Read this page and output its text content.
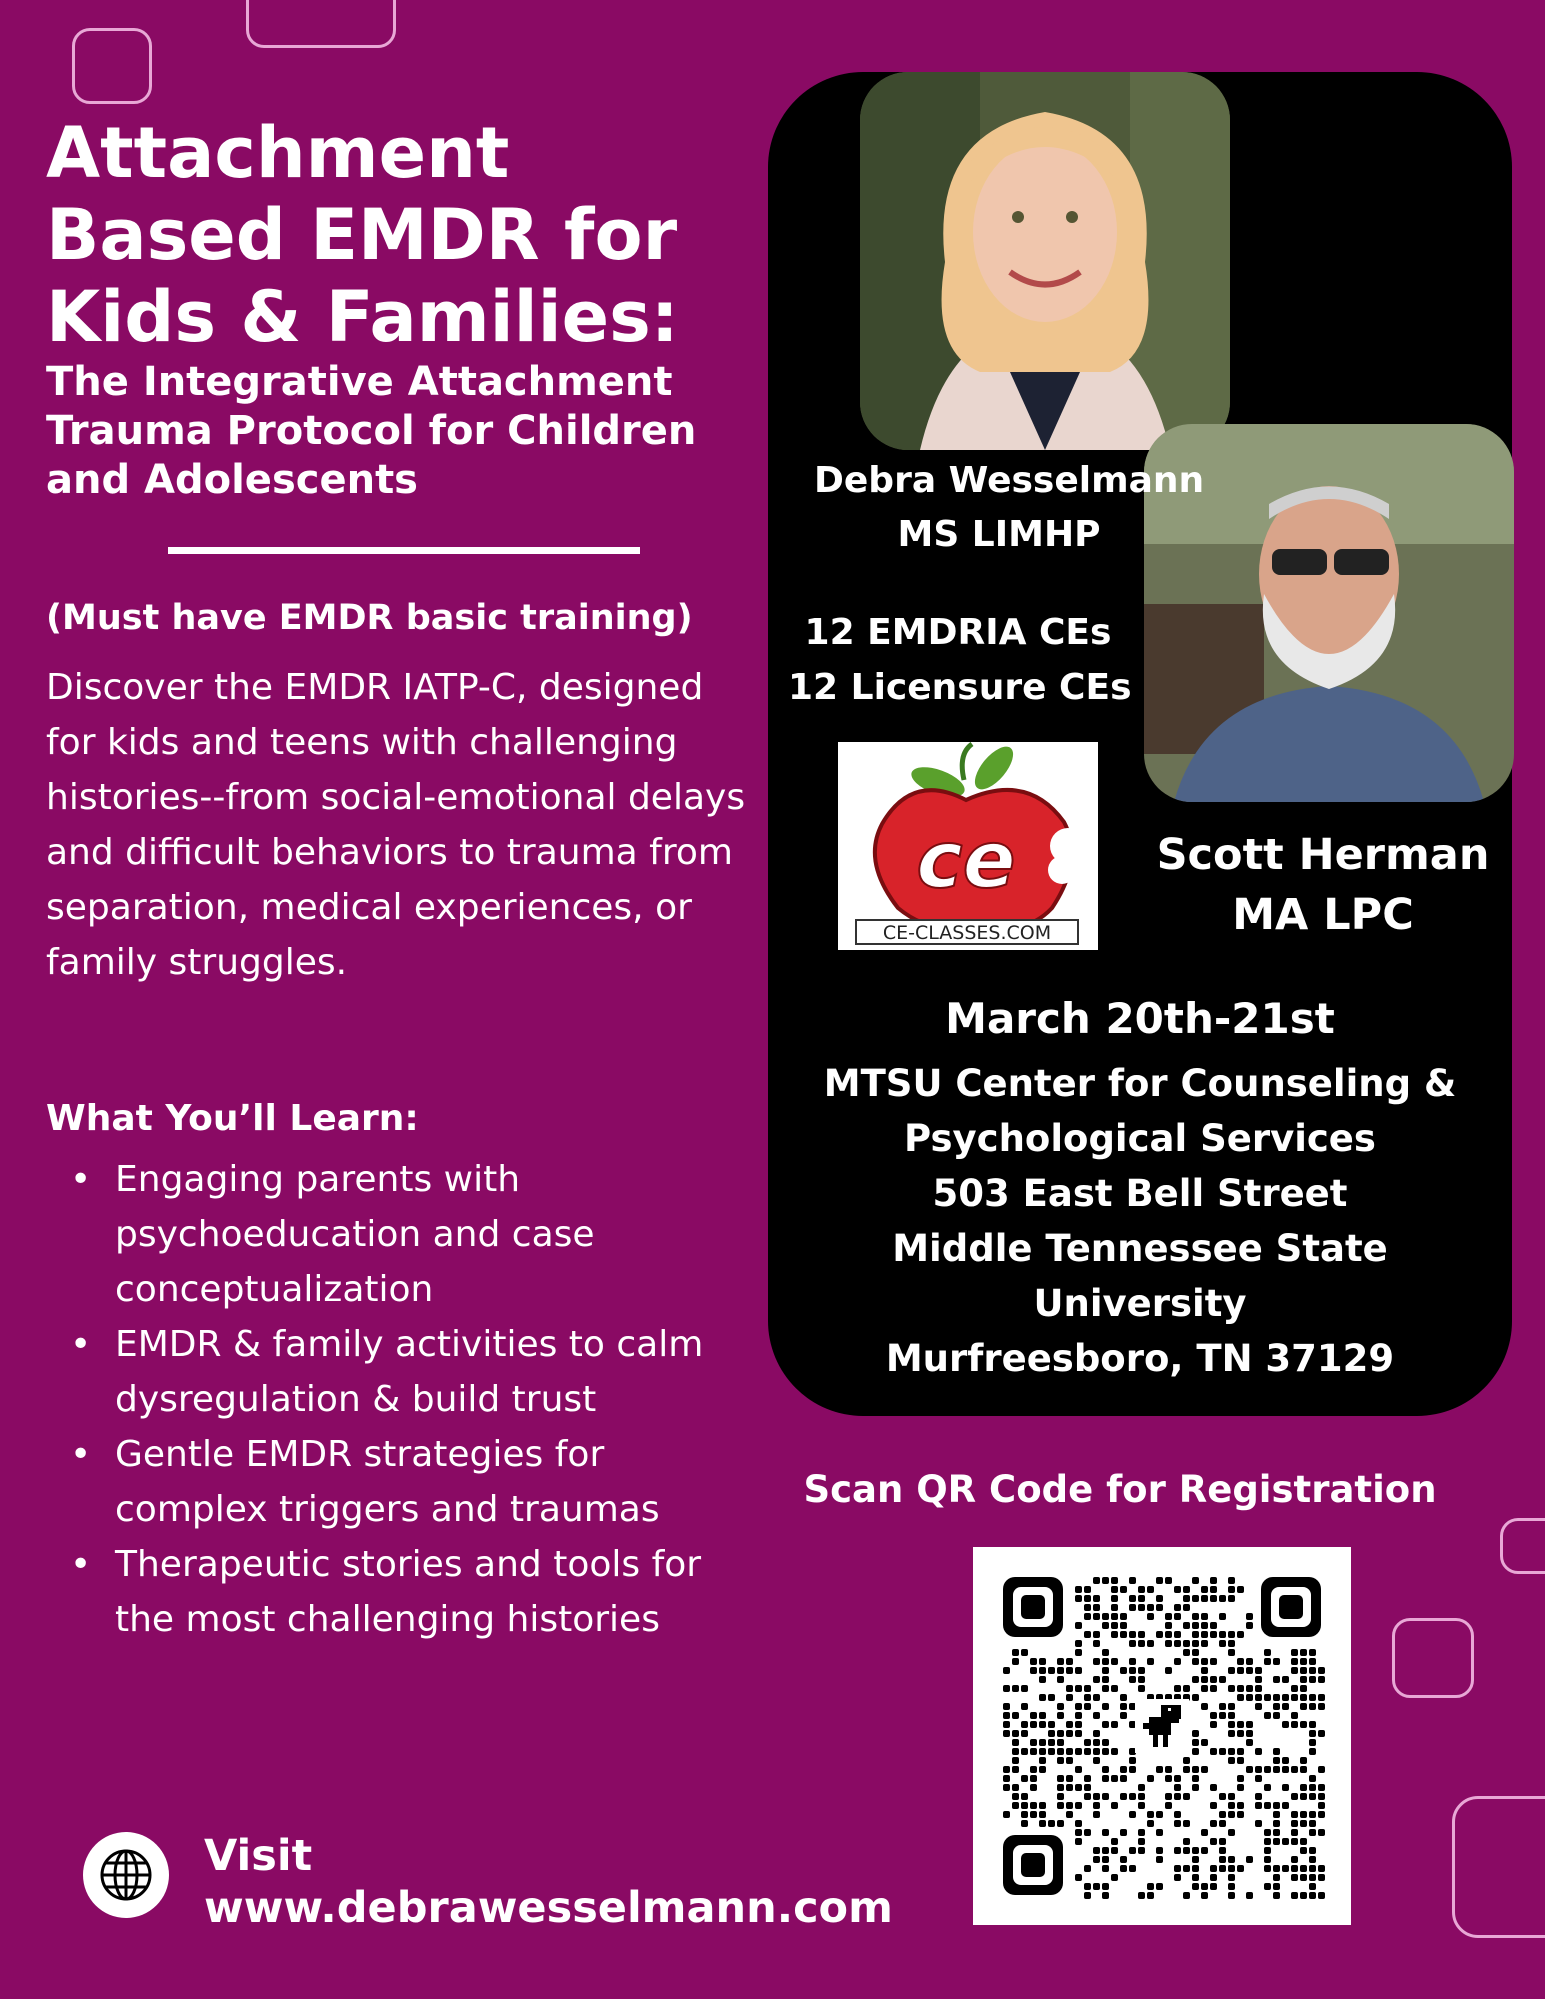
Attachment Based EMDR for Kids & Families:
The Integrative Attachment Trauma Protocol for Children and Adolescents

(Must have EMDR basic training)

Discover the EMDR IATP-C, designed for kids and teens with challenging histories--from social-emotional delays and difficult behaviors to trauma from separation, medical experiences, or family struggles.

What You’ll Learn:
• Engaging parents with psychoeducation and case conceptualization
• EMDR & family activities to calm dysregulation & build trust
• Gentle EMDR strategies for complex triggers and traumas
• Therapeutic stories and tools for the most challenging histories

Visit
www.debrawesselmann.com

Debra Wesselmann
MS LIMHP
12 EMDRIA CEs
12 Licensure CEs
Scott Herman
MA LPC
March 20th-21st
MTSU Center for Counseling &
Psychological Services
503 East Bell Street
Middle Tennessee State
University
Murfreesboro, TN 37129
ce
CE-CLASSES.COM

Scan QR Code for Registration
